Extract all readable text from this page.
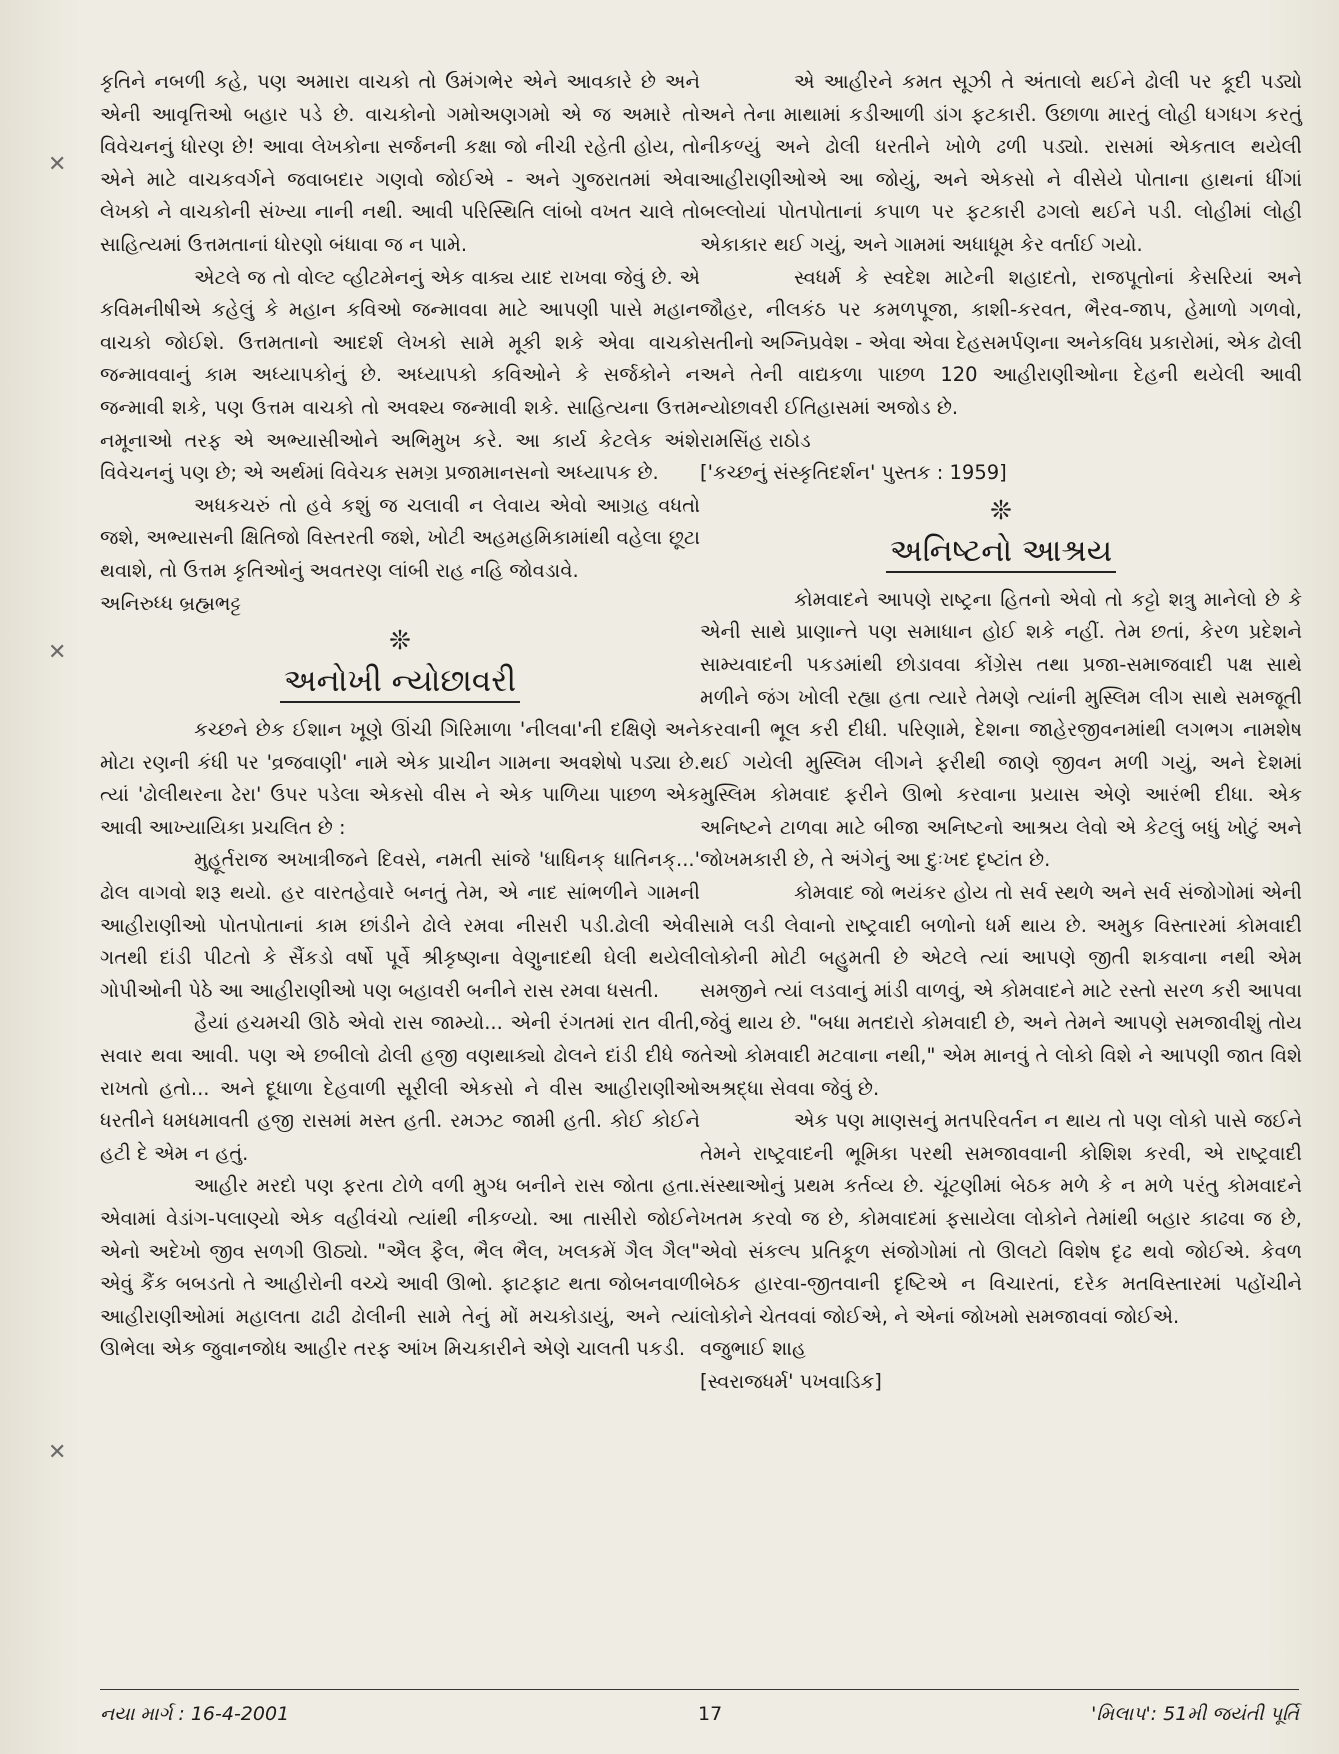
✕
✕
✕

કૃતિને નબળી કહે, પણ અમારા વાચકો તો ઉમંગભેર એને આવકારે છે અને એની આવૃત્તિઓ બહાર પડે છે. વાચકોનો ગમોઅણગમો એ જ અમારે તો વિવેચનનું ધોરણ છે! આવા લેખકોના સર્જનની કક્ષા જો નીચી રહેતી હોય, તો એને માટે વાચકવર્ગને જવાબદાર ગણવો જોઈએ - અને ગુજરાતમાં એવા લેખકો ને વાચકોની સંખ્યા નાની નથી. આવી પરિસ્થિતિ લાંબો વખત ચાલે તો સાહિત્યમાં ઉત્તમતાનાં ધોરણો બંધાવા જ ન પામે.

એટલે જ તો વોલ્ટ વ્હીટમેનનું એક વાક્ય યાદ રાખવા જેવું છે. એ કવિમનીષીએ કહેલું કે મહાન કવિઓ જન્માવવા માટે આપણી પાસે મહાન વાચકો જોઈશે. ઉત્તમતાનો આદર્શ લેખકો સામે મૂકી શકે એવા વાચકો જન્માવવાનું કામ અધ્યાપકોનું છે. અધ્યાપકો કવિઓને કે સર્જકોને ન જન્માવી શકે, પણ ઉત્તમ વાચકો તો અવશ્ય જન્માવી શકે. સાહિત્યના ઉત્તમ નમૂનાઓ તરફ એ અભ્યાસીઓને અભિમુખ કરે. આ કાર્ય કેટલેક અંશે વિવેચનનું પણ છે; એ અર્થમાં વિવેચક સમગ્ર પ્રજામાનસનો અધ્યાપક છે.

અધકચરું તો હવે કશું જ ચલાવી ન લેવાય એવો આગ્રહ વધતો જશે, અભ્યાસની ક્ષિતિજો વિસ્તરતી જશે, ખોટી અહમહમિકામાંથી વહેલા છૂટા થવાશે, તો ઉત્તમ કૃતિઓનું અવતરણ લાંબી રાહ નહિ જોવડાવે.

અનિરુધ્ધ બ્રહ્મભટ્ટ

❊
અનોખી ન્યોછાવરી

કચ્છને છેક ઈશાન ખૂણે ઊંચી ગિરિમાળા 'નીલવા'ની દક્ષિણે અને મોટા રણની કંધી પર 'વ્રજવાણી' નામે એક પ્રાચીન ગામના અવશેષો પડ્યા છે. ત્યાં 'ઢોલીથરના ઢેરા' ઉપર પડેલા એકસો વીસ ને એક પાળિયા પાછળ એક આવી આખ્યાયિકા પ્રચલિત છે :

મુહૂર્તરાજ અખાત્રીજને દિવસે, નમતી સાંજે 'ધાધિનક્ ધાતિનક્...' ઢોલ વાગવો શરૂ થયો. હર વારતહેવારે બનતું તેમ, એ નાદ સાંભળીને ગામની આહીરાણીઓ પોતપોતાનાં કામ છાંડીને ઢોલે રમવા નીસરી પડી.ઢોલી એવી ગતથી દાંડી પીટતો કે સૈંકડો વર્ષો પૂર્વે શ્રીકૃષ્ણના વેણુનાદથી ઘેલી થયેલી ગોપીઓની પેઠે આ આહીરાણીઓ પણ બહાવરી બનીને રાસ રમવા ધસતી.

હૈયાં હચમચી ઊઠે એવો રાસ જામ્યો... એની રંગતમાં રાત વીતી, સવાર થવા આવી. પણ એ છબીલો ઢોલી હજી વણથાક્યો ઢોલને દાંડી દીધે જ રાખતો હતો... અને દૂધાળા દેહવાળી સૂરીલી એકસો ને વીસ આહીરાણીઓ ધરતીને ધમધમાવતી હજી રાસમાં મસ્ત હતી. રમઝટ જામી હતી. કોઈ કોઈને હટી દે એમ ન હતું.

આહીર મરદો પણ ફરતા ટોળે વળી મુગ્ધ બનીને રાસ જોતા હતા. એવામાં વેડાંગ-પલાણ્યો એક વહીવંચો ત્યાંથી નીકળ્યો. આ તાસીરો જોઈને એનો અદેખો જીવ સળગી ઊઠ્યો. "ઐલ ફૈલ, ભૈલ ભૈલ, ખલકમેં ગૈલ ગૈલ" એવું કૈંક બબડતો તે આહીરોની વચ્ચે આવી ઊભો. ફાટફાટ થતા જોબનવાળી આહીરાણીઓમાં મહાલતા ઢાઢી ઢોલીની સામે તેનું મોં મચકોડાયું, અને ત્યાં ઊભેલા એક જુવાનજોધ આહીર તરફ આંખ મિચકારીને એણે ચાલતી પકડી.

એ આહીરને કમત સૂઝી તે અંતાલો થઈને ઢોલી પર કૂદી પડ્યો અને તેના માથામાં કડીઆળી ડાંગ ફટકારી. ઉછાળા મારતું લોહી ધગધગ કરતું નીકળ્યું અને ઢોલી ધરતીને ખોળે ઢળી પડ્યો. રાસમાં એકતાલ થયેલી આહીરાણીઓએ આ જોયું, અને એકસો ને વીસેયે પોતાના હાથનાં ધીંગાં બલ્લોયાં પોતપોતાનાં કપાળ પર ફટકારી ઢગલો થઈને પડી. લોહીમાં લોહી એકાકાર થઈ ગયું, અને ગામમાં અધાધૂમ કેર વર્તાઈ ગયો.

સ્વધર્મ કે સ્વદેશ માટેની શહાદતો, રાજપૂતોનાં કેસરિયાં અને જૌહર, નીલકંઠ પર કમળપૂજા, કાશી-કરવત, ભૈરવ-જાપ, હેમાળો ગળવો, સતીનો અગ્નિપ્રવેશ - એવા એવા દેહસમર્પણના અનેકવિધ પ્રકારોમાં, એક ઢોલી અને તેની વાદ્યકળા પાછળ 120 આહીરાણીઓના દેહની થયેલી આવી ન્યોછાવરી ઈતિહાસમાં અજોડ છે.

રામસિંહ રાઠોડ

['કચ્છનું સંસ્કૃતિદર્શન' પુસ્તક : 1959]

❊
અનિષ્ટનો આશ્રય

કોમવાદને આપણે રાષ્ટ્રના હિતનો એવો તો કટ્ટો શત્રુ માનેલો છે કે એની સાથે પ્રાણાન્તે પણ સમાધાન હોઈ શકે નહીં. તેમ છતાં, કેરળ પ્રદેશને સામ્યવાદની પકડમાંથી છોડાવવા કોંગ્રેસ તથા પ્રજા-સમાજવાદી પક્ષ સાથે મળીને જંગ ખોલી રહ્યા હતા ત્યારે તેમણે ત્યાંની મુસ્લિમ લીગ સાથે સમજૂતી કરવાની ભૂલ કરી દીધી. પરિણામે, દેશના જાહેરજીવનમાંથી લગભગ નામશેષ થઈ ગયેલી મુસ્લિમ લીગને ફરીથી જાણે જીવન મળી ગયું, અને દેશમાં મુસ્લિમ કોમવાદ ફરીને ઊભો કરવાના પ્રયાસ એણે આરંભી દીધા. એક અનિષ્ટને ટાળવા માટે બીજા અનિષ્ટનો આશ્રય લેવો એ કેટલું બધું ખોટું અને જોખમકારી છે, તે અંગેનું આ દુઃખદ દૃષ્ટાંત છે.

કોમવાદ જો ભયંકર હોય તો સર્વ સ્થળે અને સર્વ સંજોગોમાં એની સામે લડી લેવાનો રાષ્ટ્રવાદી બળોનો ધર્મ થાય છે. અમુક વિસ્તારમાં કોમવાદી લોકોની મોટી બહુમતી છે એટલે ત્યાં આપણે જીતી શકવાના નથી એમ સમજીને ત્યાં લડવાનું માંડી વાળવું, એ કોમવાદને માટે રસ્તો સરળ કરી આપવા જેવું થાય છે. "બધા મતદારો કોમવાદી છે, અને તેમને આપણે સમજાવીશું તોય તેઓ કોમવાદી મટવાના નથી," એમ માનવું તે લોકો વિશે ને આપણી જાત વિશે અશ્રદ્ધા સેવવા જેવું છે.

એક પણ માણસનું મતપરિવર્તન ન થાય તો પણ લોકો પાસે જઈને તેમને રાષ્ટ્રવાદની ભૂમિકા પરથી સમજાવવાની કોશિશ કરવી, એ રાષ્ટ્રવાદી સંસ્થાઓનું પ્રથમ કર્તવ્ય છે. ચૂંટણીમાં બેઠક મળે કે ન મળે પરંતુ કોમવાદને ખતમ કરવો જ છે, કોમવાદમાં ફસાયેલા લોકોને તેમાંથી બહાર કાઢવા જ છે, એવો સંકલ્પ પ્રતિકૂળ સંજોગોમાં તો ઊલટો વિશેષ દૃઢ થવો જોઈએ. કેવળ બેઠક હારવા-જીતવાની દૃષ્ટિએ ન વિચારતાં, દરેક મતવિસ્તારમાં પહોંચીને લોકોને ચેતવવાં જોઈએ, ને એનાં જોખમો સમજાવવાં જોઈએ.

વજુભાઈ શાહ

[સ્વરાજધર્મ' પખવાડિક]

નયા માર્ગ : 16-4-2001	17	'મિલાપ': 51મી જયંતી પૂર્તિ
